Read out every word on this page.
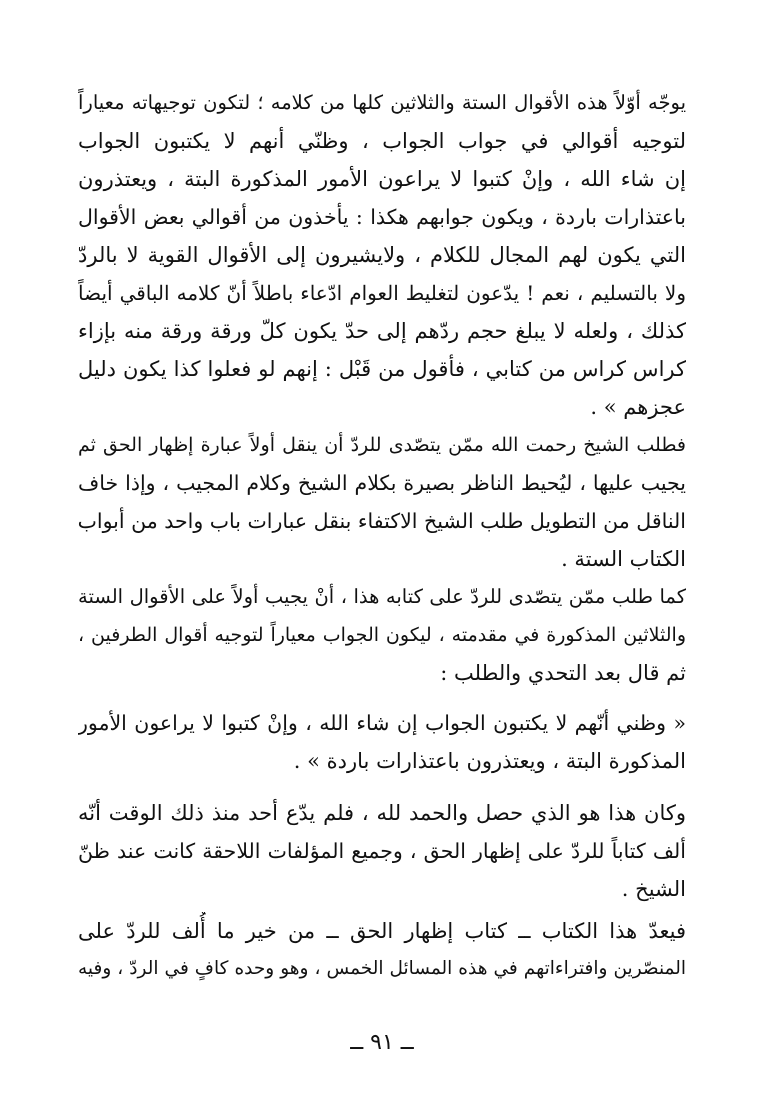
يوجّه أوّلاً هذه الأقوال الستة والثلاثين كلها من كلامه ؛ لتكون توجيهاته معياراً
لتوجيه أقوالي في جواب الجواب ، وظنّي أنهم لا يكتبون الجواب
إن شاء الله ، وإنْ كتبوا لا يراعون الأمور المذكورة البتة ، ويعتذرون
باعتذارات باردة ، ويكون جوابهم هكذا : يأخذون من أقوالي بعض الأقوال
التي يكون لهم المجال للكلام ، ولايشيرون إلى الأقوال القوية لا بالردّ
ولا بالتسليم ، نعم ! يدّعون لتغليط العوام ادّعاء باطلاً أنّ كلامه الباقي أيضاً
كذلك ، ولعله لا يبلغ حجم ردّهم إلى حدّ يكون كلّ ورقة ورقة منه بإزاء
كراس كراس من كتابي ، فأقول من قَبْل : إنهم لو فعلوا كذا يكون دليل
عجزهم » .
فطلب الشيخ رحمت الله ممّن يتصّدى للردّ أن ينقل أولاً عبارة إظهار الحق ثم
يجيب عليها ، ليُحيط الناظر بصيرة بكلام الشيخ وكلام المجيب ، وإذا خاف
الناقل من التطويل طلب الشيخ الاكتفاء بنقل عبارات باب واحد من أبواب
الكتاب الستة .
كما طلب ممّن يتصّدى للردّ على كتابه هذا ، أنْ يجيب أولاً على الأقوال الستة
والثلاثين المذكورة في مقدمته ، ليكون الجواب معياراً لتوجيه أقوال الطرفين ،
ثم قال بعد التحدي والطلب :
« وظني أنّهم لا يكتبون الجواب إن شاء الله ، وإنْ كتبوا لا يراعون الأمور
المذكورة البتة ، ويعتذرون باعتذارات باردة » .
وكان هذا هو الذي حصل والحمد لله ، فلم يدّع أحد منذ ذلك الوقت أنّه
ألف كتاباً للردّ على إظهار الحق ، وجميع المؤلفات اللاحقة كانت عند ظنّ
الشيخ .
فيعدّ هذا الكتاب ــ كتاب إظهار الحق ــ من خير ما أُلف للردّ على
المنصّرين وافتراءاتهم في هذه المسائل الخمس ، وهو وحده كافٍ في الردّ ، وفيه
ــ ٩١ ــ
